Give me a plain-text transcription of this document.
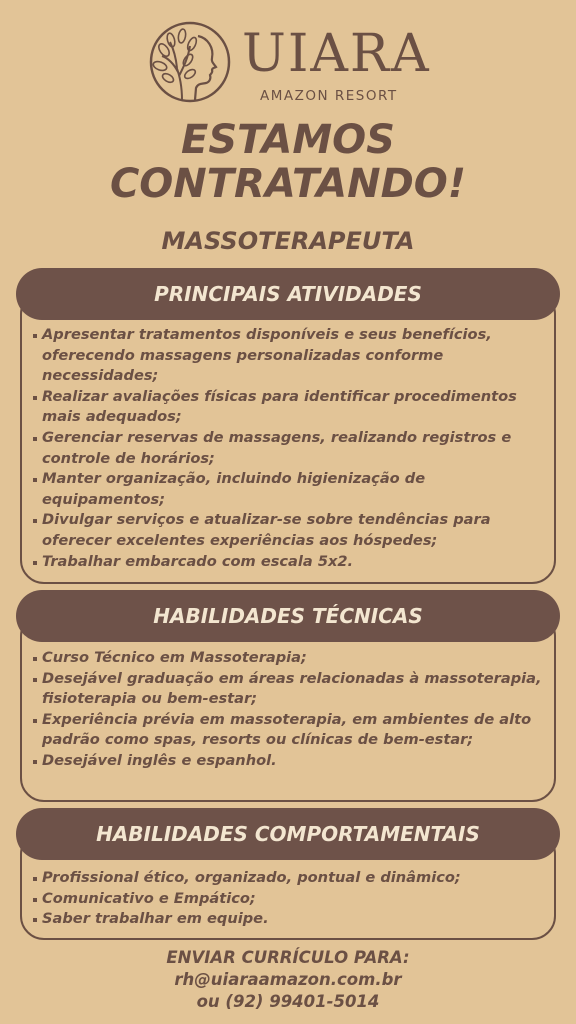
UIARA
AMAZON RESORT
ESTAMOS
CONTRATANDO!
MASSOTERAPEUTA
PRINCIPAIS ATIVIDADES
Apresentar tratamentos disponíveis e seus benefícios, oferecendo massagens personalizadas conforme necessidades;
Realizar avaliações físicas para identificar procedimentos mais adequados;
Gerenciar reservas de massagens, realizando registros e controle de horários;
Manter organização, incluindo higienização de equipamentos;
Divulgar serviços e atualizar-se sobre tendências para oferecer excelentes experiências aos hóspedes;
Trabalhar embarcado com escala 5x2.
HABILIDADES TÉCNICAS
Curso Técnico em Massoterapia;
Desejável graduação em áreas relacionadas à massoterapia, fisioterapia ou bem-estar;
Experiência prévia em massoterapia, em ambientes de alto padrão como spas, resorts ou clínicas de bem-estar;
Desejável inglês e espanhol.
HABILIDADES COMPORTAMENTAIS
Profissional ético, organizado, pontual e dinâmico;
Comunicativo e Empático;
Saber trabalhar em equipe.
ENVIAR CURRÍCULO PARA:
rh@uiaraamazon.com.br
ou (92) 99401-5014
